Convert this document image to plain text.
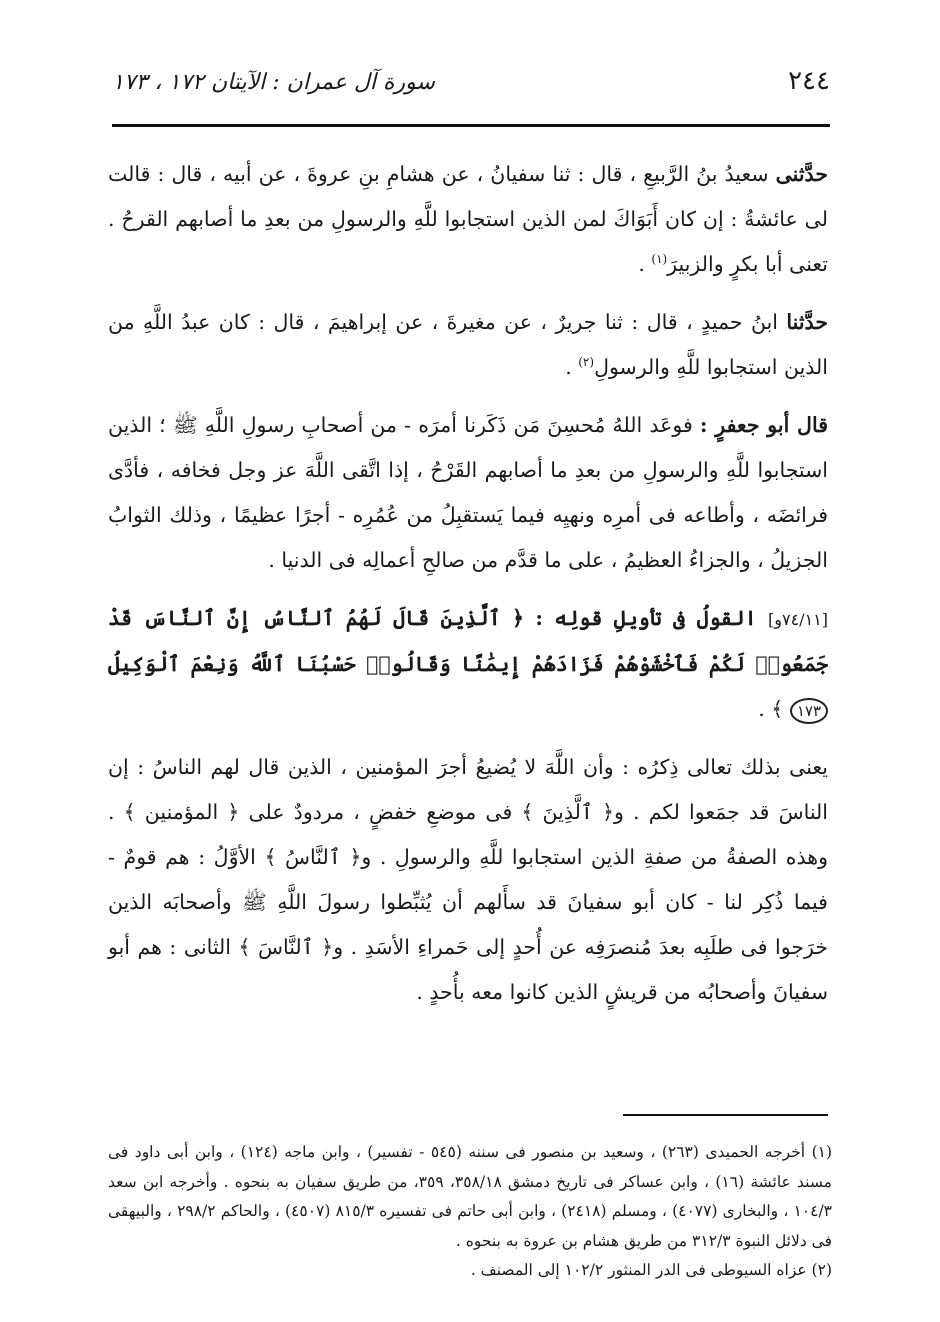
٢٤٤
سورة آل عمران : الآيتان ١٧٢ ، ١٧٣

حدَّثنى سعيدُ بنُ الرَّبيعِ ، قال : ثنا سفيانُ ، عن هشامِ بنِ عروةَ ، عن أبيه ، قال : قالت لى عائشةُ : إن كان أَبَوَاكَ لمن الذين استجابوا للَّهِ والرسولِ من بعدِ ما أصابهم القرحُ . تعنى أبا بكرٍ والزبيرَ$^{(١)}$ .

حدَّثنا ابنُ حميدٍ ، قال : ثنا جريرٌ ، عن مغيرةَ ، عن إبراهيمَ ، قال : كان عبدُ اللَّهِ من الذين استجابوا للَّهِ والرسولِ$^{(٢)}$ .

قال أبو جعفرٍ : فوعَد اللهُ مُحسِنَ مَن ذَكَرنا أمرَه - من أصحابِ رسولِ اللَّهِ ﷺ ؛ الذين استجابوا للَّهِ والرسولِ من بعدِ ما أصابهم القَرْحُ ، إذا اتَّقى اللَّهَ عز وجل فخافه ، فأدَّى فرائضَه ، وأطاعه فى أمرِه ونهيِه فيما يَستقبِلُ من عُمُرِه - أجرًا عظيمًا ، وذلك الثوابُ الجزيلُ ، والجزاءُ العظيمُ ، على ما قدَّم من صالحِ أعمالِه فى الدنيا .

[٧٤/١١و] القولُ فى تأويلِ قولِه : ﴿ ٱلَّذِينَ قَالَ لَهُمُ ٱلنَّاسُ إِنَّ ٱلنَّاسَ قَدْ جَمَعُوا۟ لَكُمْ فَٱخْشَوْهُمْ فَزَادَهُمْ إِيمَٰنًا وَقَالُوا۟ حَسْبُنَا ٱللَّهُ وَنِعْمَ ٱلْوَكِيلُ ١٧٣ ﴾ .

يعنى بذلك تعالى ذِكرُه : وأن اللَّهَ لا يُضيعُ أجرَ المؤمنين ، الذين قال لهم الناسُ : إن الناسَ قد جمَعوا لكم . و﴿ ٱلَّذِينَ ﴾ فى موضعِ خفضٍ ، مردودٌ على ﴿ المؤمنين ﴾ . وهذه الصفةُ من صفةِ الذين استجابوا للَّهِ والرسولِ . و﴿ ٱلنَّاسُ ﴾ الأوَّلُ : هم قومٌ - فيما ذُكِر لنا - كان أبو سفيانَ قد سأَلهم أن يُثبِّطوا رسولَ اللَّهِ ﷺ وأصحابَه الذين خرَجوا فى طلَبِه بعدَ مُنصرَفِه عن أُحدٍ إلى حَمراءِ الأسَدِ . و﴿ ٱلنَّاسَ ﴾ الثانى : هم أبو سفيانَ وأصحابُه من قريشٍ الذين كانوا معه بأُحدٍ .

(١) أخرجه الحميدى (٢٦٣) ، وسعيد بن منصور فى سننه (٥٤٥ - تفسير) ، وابن ماجه (١٢٤) ، وابن أبى داود فى مسند عائشة (١٦) ، وابن عساكر فى تاريخ دمشق ٣٥٨/١٨، ٣٥٩، من طريق سفيان به بنحوه . وأخرجه ابن سعد ١٠٤/٣ ، والبخارى (٤٠٧٧) ، ومسلم (٢٤١٨) ، وابن أبى حاتم فى تفسيره ٨١٥/٣ (٤٥٠٧) ، والحاكم ٢٩٨/٢ ، والبيهقى فى دلائل النبوة ٣١٢/٣ من طريق هشام بن عروة به بنحوه .

(٢) عزاه السيوطى فى الدر المنثور ١٠٢/٢ إلى المصنف .
